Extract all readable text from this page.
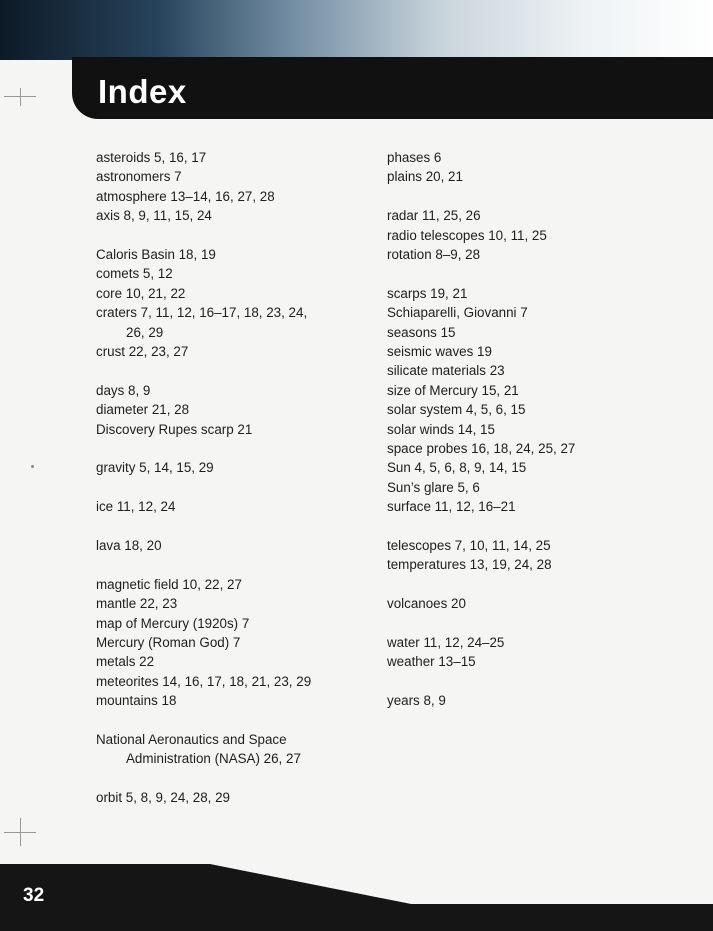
Index
asteroids 5, 16, 17
astronomers 7
atmosphere 13–14, 16, 27, 28
axis 8, 9, 11, 15, 24
Caloris Basin 18, 19
comets 5, 12
core 10, 21, 22
craters 7, 11, 12, 16–17, 18, 23, 24,
26, 29
crust 22, 23, 27
days 8, 9
diameter 21, 28
Discovery Rupes scarp 21
gravity 5, 14, 15, 29
ice 11, 12, 24
lava 18, 20
magnetic field 10, 22, 27
mantle 22, 23
map of Mercury (1920s) 7
Mercury (Roman God) 7
metals 22
meteorites 14, 16, 17, 18, 21, 23, 29
mountains 18
National Aeronautics and Space
Administration (NASA) 26, 27
orbit 5, 8, 9, 24, 28, 29
phases 6
plains 20, 21
radar 11, 25, 26
radio telescopes 10, 11, 25
rotation 8–9, 28
scarps 19, 21
Schiaparelli, Giovanni 7
seasons 15
seismic waves 19
silicate materials 23
size of Mercury 15, 21
solar system 4, 5, 6, 15
solar winds 14, 15
space probes 16, 18, 24, 25, 27
Sun 4, 5, 6, 8, 9, 14, 15
Sun’s glare 5, 6
surface 11, 12, 16–21
telescopes 7, 10, 11, 14, 25
temperatures 13, 19, 24, 28
volcanoes 20
water 11, 12, 24–25
weather 13–15
years 8, 9
32
